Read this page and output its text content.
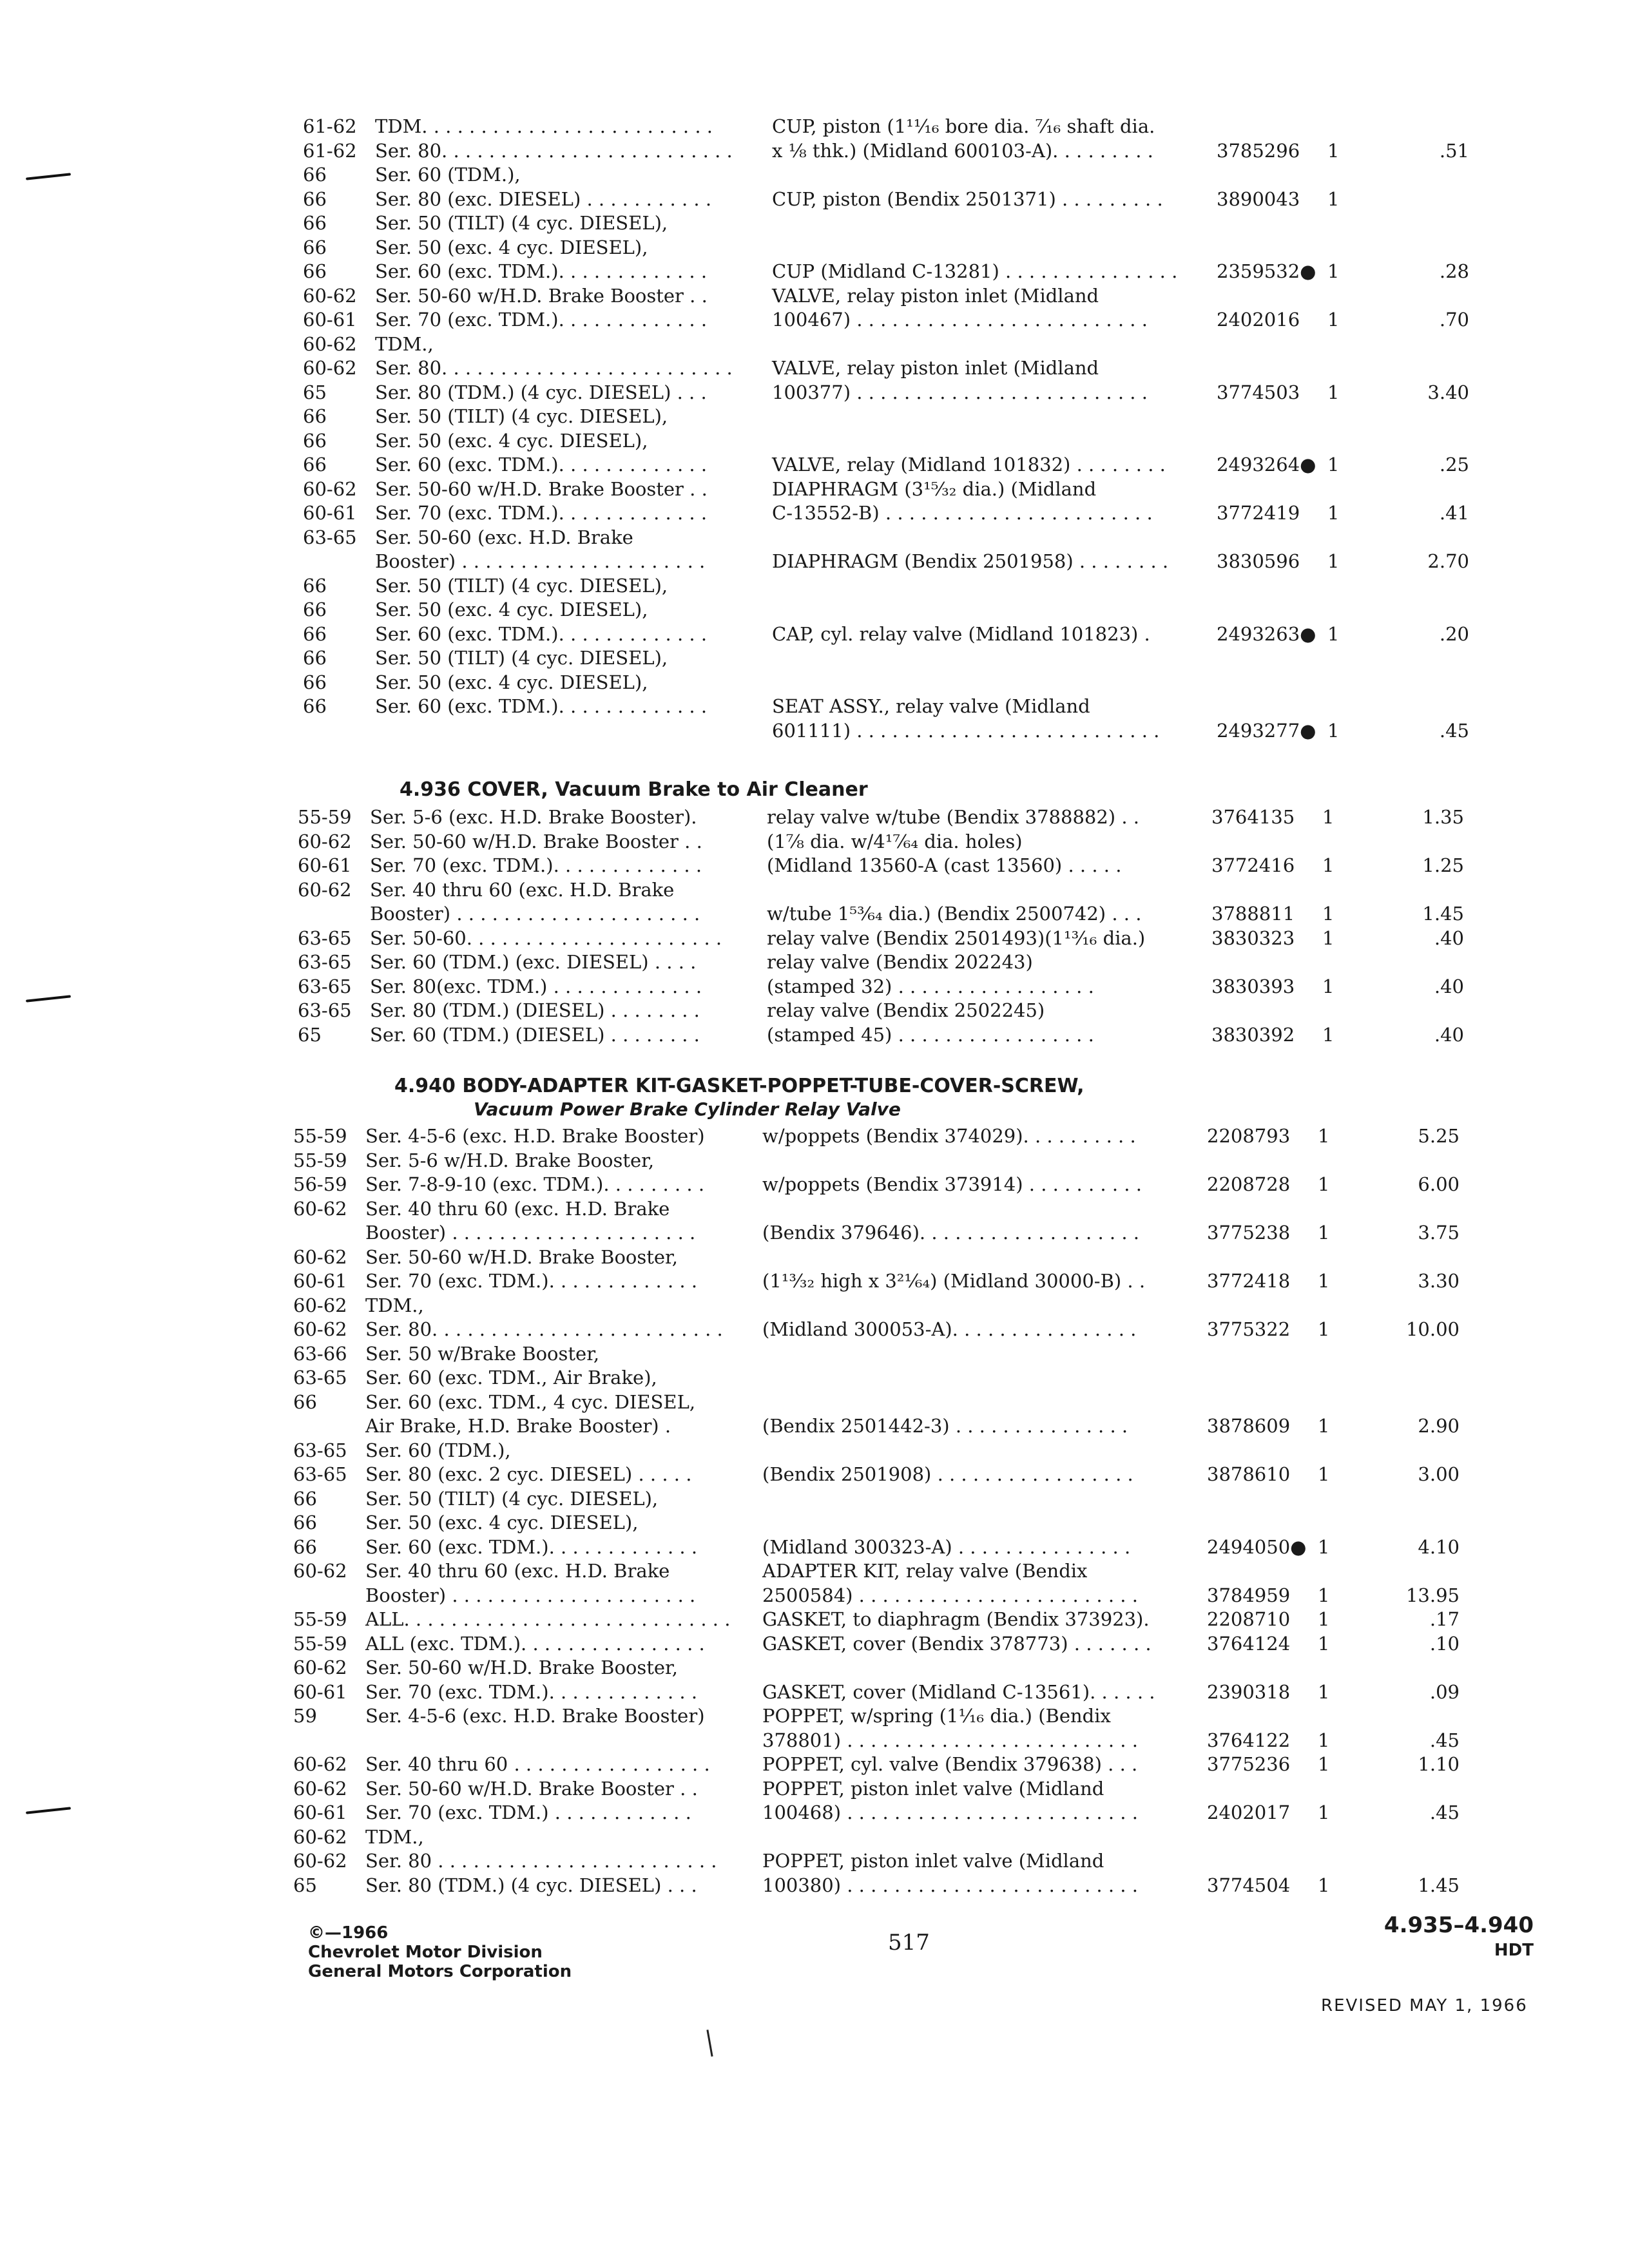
61-62 TDM. . . . . . . . . . . . . . . . . . . . . . . . .	CUP, piston (1¹¹⁄₁₆ bore dia. ⁷⁄₁₆ shaft dia.
61-62 Ser. 80. . . . . . . . . . . . . . . . . . . . . . . . . x ⅛ thk.) (Midland 600103-A). . . . . . . . .	3785296 1	.51
66	Ser. 60 (TDM.),
66	Ser. 80 (exc. DIESEL) . . . . . . . . . . .	CUP, piston (Bendix 2501371) . . . . . . . . .	3890043 1
66	Ser. 50 (TILT) (4 cyc. DIESEL),
66	Ser. 50 (exc. 4 cyc. DIESEL),
66	Ser. 60 (exc. TDM.). . . . . . . . . . . . .	CUP (Midland C-13281) . . . . . . . . . . . . . . . 2359532● 1	.28
60-62 Ser. 50-60 w/H.D. Brake Booster . .	VALVE, relay piston inlet (Midland
60-61 Ser. 70 (exc. TDM.). . . . . . . . . . . . .	100467) . . . . . . . . . . . . . . . . . . . . . . . . .	2402016 1	.70
60-62 TDM.,
60-62 Ser. 80. . . . . . . . . . . . . . . . . . . . . . . . . VALVE, relay piston inlet (Midland
65	Ser. 80 (TDM.) (4 cyc. DIESEL) . . .	100377) . . . . . . . . . . . . . . . . . . . . . . . . .	3774503 1	3.40
66	Ser. 50 (TILT) (4 cyc. DIESEL),
66	Ser. 50 (exc. 4 cyc. DIESEL),
66	Ser. 60 (exc. TDM.). . . . . . . . . . . . .	VALVE, relay (Midland 101832) . . . . . . . .	2493264● 1	.25
60-62 Ser. 50-60 w/H.D. Brake Booster . .	DIAPHRAGM (3¹⁵⁄₃₂ dia.) (Midland
60-61 Ser. 70 (exc. TDM.). . . . . . . . . . . . .	C-13552-B) . . . . . . . . . . . . . . . . . . . . . . .	3772419 1	.41
63-65 Ser. 50-60 (exc. H.D. Brake
Booster) . . . . . . . . . . . . . . . . . . . . .	DIAPHRAGM (Bendix 2501958) . . . . . . . .	3830596 1	2.70
66	Ser. 50 (TILT) (4 cyc. DIESEL),
66	Ser. 50 (exc. 4 cyc. DIESEL),
66	Ser. 60 (exc. TDM.). . . . . . . . . . . . .	CAP, cyl. relay valve (Midland 101823) .	2493263● 1	.20
66	Ser. 50 (TILT) (4 cyc. DIESEL),
66	Ser. 50 (exc. 4 cyc. DIESEL),
66	Ser. 60 (exc. TDM.). . . . . . . . . . . . .	SEAT ASSY., relay valve (Midland
601111) . . . . . . . . . . . . . . . . . . . . . . . . . .	2493277● 1	.45
4.936 COVER, Vacuum Brake to Air Cleaner
55-59 Ser. 5-6 (exc. H.D. Brake Booster).	relay valve w/tube (Bendix 3788882) . .	3764135 1	1.35
60-62 Ser. 50-60 w/H.D. Brake Booster . .	(1⅞ dia. w/4¹⁷⁄₆₄ dia. holes)
60-61 Ser. 70 (exc. TDM.). . . . . . . . . . . . .	(Midland 13560-A (cast 13560) . . . . .	3772416 1	1.25
60-62 Ser. 40 thru 60 (exc. H.D. Brake
Booster) . . . . . . . . . . . . . . . . . . . . .	w/tube 1⁵³⁄₆₄ dia.) (Bendix 2500742) . . .	3788811 1	1.45
63-65 Ser. 50-60. . . . . . . . . . . . . . . . . . . . . . relay valve (Bendix 2501493)(1¹³⁄₁₆ dia.)	3830323 1	.40
63-65 Ser. 60 (TDM.) (exc. DIESEL) . . . .	relay valve (Bendix 202243)
63-65 Ser. 80(exc. TDM.) . . . . . . . . . . . . .	(stamped 32) . . . . . . . . . . . . . . . . .	3830393 1	.40
63-65 Ser. 80 (TDM.) (DIESEL) . . . . . . . .	relay valve (Bendix 2502245)
65	Ser. 60 (TDM.) (DIESEL) . . . . . . . .	(stamped 45) . . . . . . . . . . . . . . . . .	3830392 1	.40
4.940 BODY-ADAPTER KIT-GASKET-POPPET-TUBE-COVER-SCREW,
Vacuum Power Brake Cylinder Relay Valve
55-59 Ser. 4-5-6 (exc. H.D. Brake Booster)	w/poppets (Bendix 374029). . . . . . . . . .	2208793 1	5.25
55-59 Ser. 5-6 w/H.D. Brake Booster,
56-59 Ser. 7-8-9-10 (exc. TDM.). . . . . . . . .	w/poppets (Bendix 373914) . . . . . . . . . .	2208728 1	6.00
60-62 Ser. 40 thru 60 (exc. H.D. Brake
Booster) . . . . . . . . . . . . . . . . . . . . .	(Bendix 379646). . . . . . . . . . . . . . . . . . .	3775238 1	3.75
60-62 Ser. 50-60 w/H.D. Brake Booster,
60-61 Ser. 70 (exc. TDM.). . . . . . . . . . . . .	(1¹³⁄₃₂ high x 3²¹⁄₆₄) (Midland 30000-B) . .	3772418 1	3.30
60-62 TDM.,
60-62 Ser. 80. . . . . . . . . . . . . . . . . . . . . . . . . (Midland 300053-A). . . . . . . . . . . . . . . .	3775322 1	10.00
63-66 Ser. 50 w/Brake Booster,
63-65 Ser. 60 (exc. TDM., Air Brake),
66	Ser. 60 (exc. TDM., 4 cyc. DIESEL,
Air Brake, H.D. Brake Booster) .	(Bendix 2501442-3) . . . . . . . . . . . . . . .	3878609 1	2.90
63-65 Ser. 60 (TDM.),
63-65 Ser. 80 (exc. 2 cyc. DIESEL) . . . . .	(Bendix 2501908) . . . . . . . . . . . . . . . . .	3878610 1	3.00
66	Ser. 50 (TILT) (4 cyc. DIESEL),
66	Ser. 50 (exc. 4 cyc. DIESEL),
66	Ser. 60 (exc. TDM.). . . . . . . . . . . . .	(Midland 300323-A) . . . . . . . . . . . . . . .	2494050● 1	4.10
60-62 Ser. 40 thru 60 (exc. H.D. Brake	ADAPTER KIT, relay valve (Bendix
Booster) . . . . . . . . . . . . . . . . . . . . .	2500584) . . . . . . . . . . . . . . . . . . . . . . . .	3784959 1	13.95
55-59 ALL. . . . . . . . . . . . . . . . . . . . . . . . . . . . GASKET, to diaphragm (Bendix 373923).	2208710 1	.17
55-59 ALL (exc. TDM.). . . . . . . . . . . . . . . .	GASKET, cover (Bendix 378773) . . . . . . .	3764124 1	.10
60-62 Ser. 50-60 w/H.D. Brake Booster,
60-61 Ser. 70 (exc. TDM.). . . . . . . . . . . . .	GASKET, cover (Midland C-13561). . . . . .	2390318 1	.09
59	Ser. 4-5-6 (exc. H.D. Brake Booster)	POPPET, w/spring (1¹⁄₁₆ dia.) (Bendix
378801) . . . . . . . . . . . . . . . . . . . . . . . . .	3764122 1	.45
60-62 Ser. 40 thru 60 . . . . . . . . . . . . . . . . .	POPPET, cyl. valve (Bendix 379638) . . .	3775236 1	1.10
60-62 Ser. 50-60 w/H.D. Brake Booster . .	POPPET, piston inlet valve (Midland
60-61 Ser. 70 (exc. TDM.) . . . . . . . . . . . .	100468) . . . . . . . . . . . . . . . . . . . . . . . . .	2402017 1	.45
60-62 TDM.,
60-62 Ser. 80 . . . . . . . . . . . . . . . . . . . . . . . . POPPET, piston inlet valve (Midland
65	Ser. 80 (TDM.) (4 cyc. DIESEL) . . .	100380) . . . . . . . . . . . . . . . . . . . . . . . . .	3774504 1	1.45
©—1966
Chevrolet Motor Division
General Motors Corporation
517
4.935–4.940
HDT
REVISED MAY 1, 1966
